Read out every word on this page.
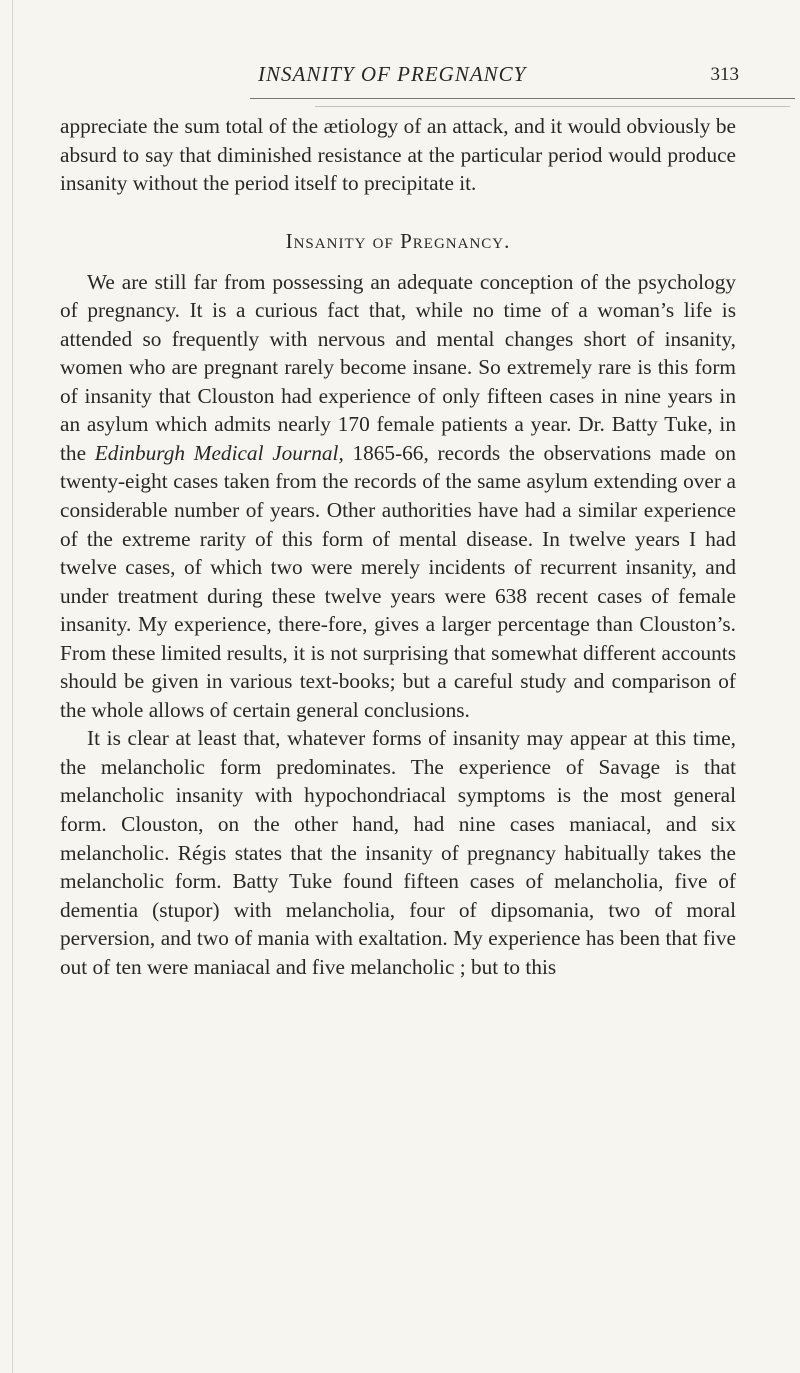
INSANITY OF PREGNANCY	313

appreciate the sum total of the ætiology of an attack, and it would obviously be absurd to say that diminished resistance at the particular period would produce insanity without the period itself to precipitate it.

Insanity of Pregnancy.

We are still far from possessing an adequate conception of the psychology of pregnancy. It is a curious fact that, while no time of a woman’s life is attended so frequently with nervous and mental changes short of insanity, women who are pregnant rarely become insane. So extremely rare is this form of insanity that Clouston had experience of only fifteen cases in nine years in an asylum which admits nearly 170 female patients a year. Dr. Batty Tuke, in the Edinburgh Medical Journal, 1865-66, records the observations made on twenty-eight cases taken from the records of the same asylum extending over a considerable number of years. Other authorities have had a similar experience of the extreme rarity of this form of mental disease. In twelve years I had twelve cases, of which two were merely incidents of recurrent insanity, and under treatment during these twelve years were 638 recent cases of female insanity. My experience, there-fore, gives a larger percentage than Clouston’s. From these limited results, it is not surprising that somewhat different accounts should be given in various text-books; but a careful study and comparison of the whole allows of certain general conclusions.

It is clear at least that, whatever forms of insanity may appear at this time, the melancholic form predominates. The experience of Savage is that melancholic insanity with hypochondriacal symptoms is the most general form. Clouston, on the other hand, had nine cases maniacal, and six melancholic. Régis states that the insanity of pregnancy habitually takes the melancholic form. Batty Tuke found fifteen cases of melancholia, five of dementia (stupor) with melancholia, four of dipsomania, two of moral perversion, and two of mania with exaltation. My experience has been that five out of ten were maniacal and five melancholic ; but to this
